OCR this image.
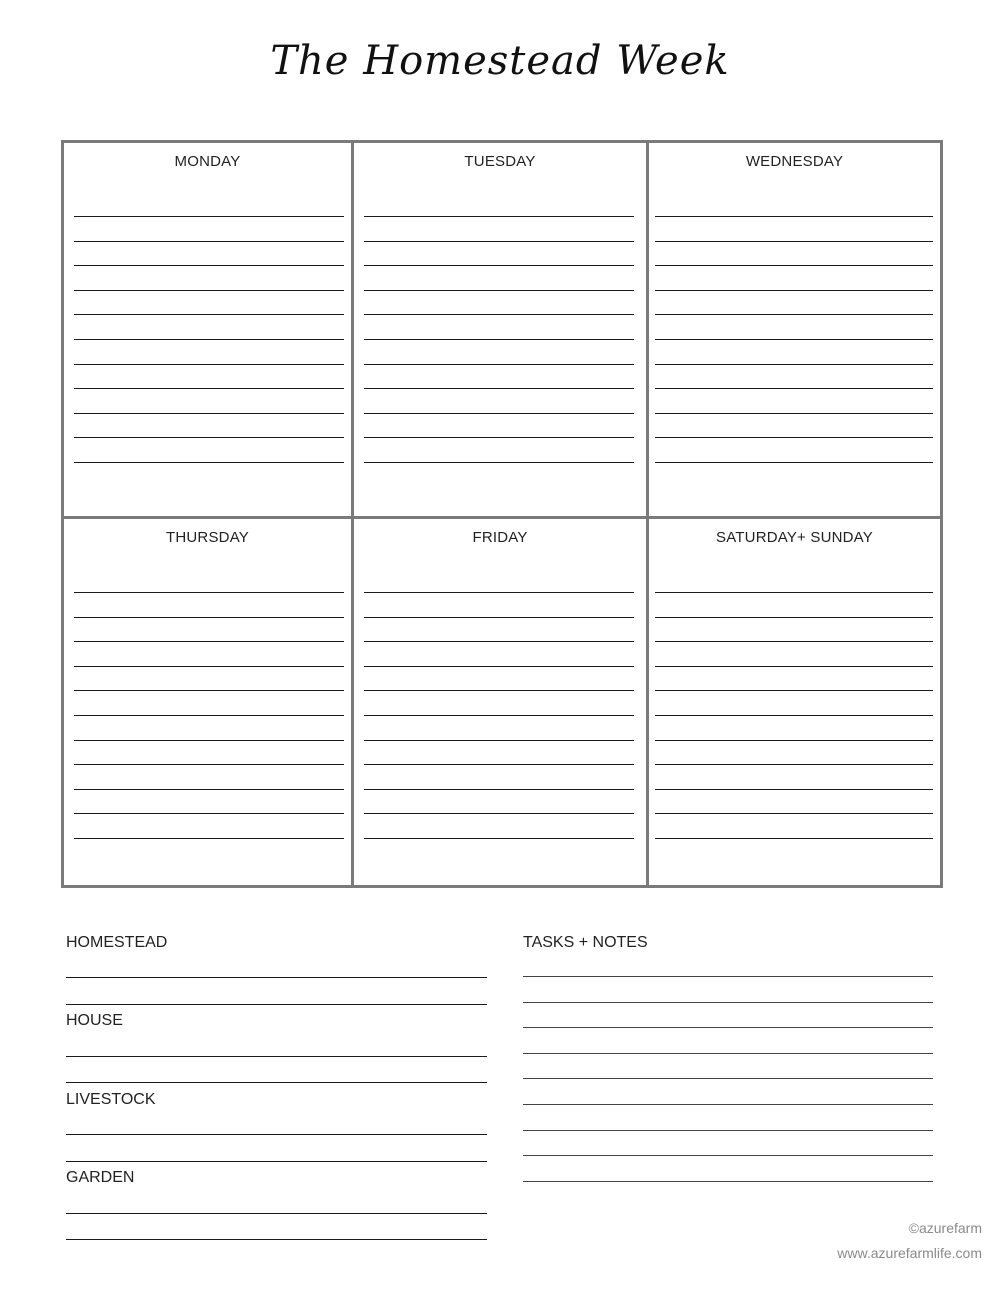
The Homestead Week
MONDAY	TUESDAY	WEDNESDAY
THURSDAY	FRIDAY	SATURDAY+ SUNDAY
HOMESTEAD
HOUSE
LIVESTOCK
GARDEN
TASKS + NOTES
©azurefarm
www.azurefarmlife.com
